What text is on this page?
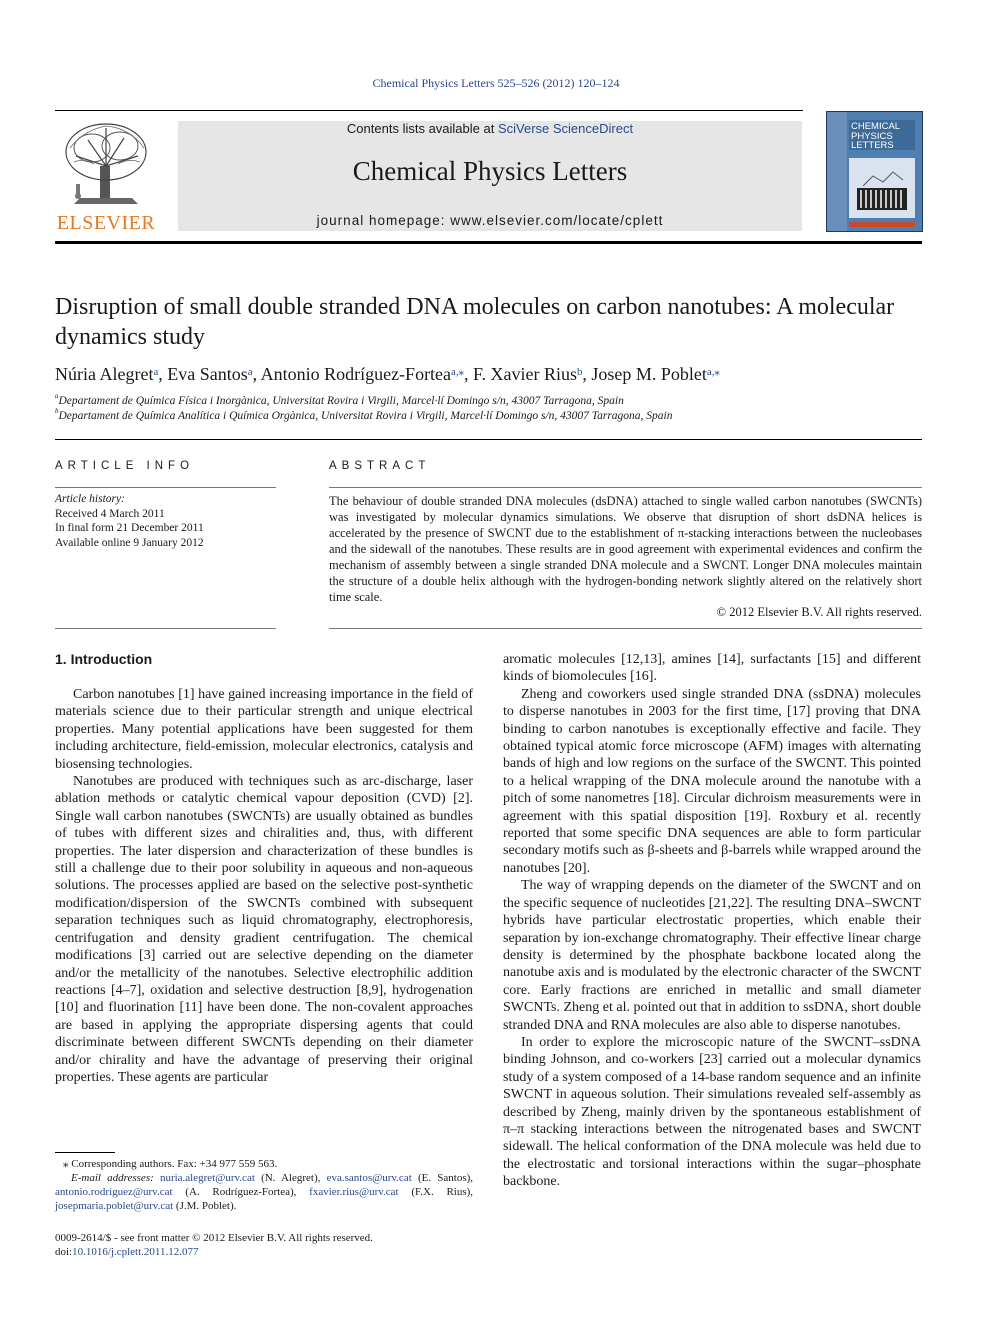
Chemical Physics Letters 525–526 (2012) 120–124
ELSEVIER
Contents lists available at SciVerse ScienceDirect
Chemical Physics Letters
journal homepage: www.elsevier.com/locate/cplett
CHEMICAL PHYSICS LETTERS
Disruption of small double stranded DNA molecules on carbon nanotubes: A molecular dynamics study
Núria Alegret$^a$, Eva Santos$^a$, Antonio Rodríguez-Fortea$^{a,⁎}$, F. Xavier Rius$^b$, Josep M. Poblet$^{a,⁎}$
$^a$Departament de Química Física i Inorgànica, Universitat Rovira i Virgili, Marcel·lí Domingo s/n, 43007 Tarragona, Spain
$^b$Departament de Química Analítica i Química Orgànica, Universitat Rovira i Virgili, Marcel·lí Domingo s/n, 43007 Tarragona, Spain
ARTICLE INFO	ABSTRACT
Article history:
Received 4 March 2011
In final form 21 December 2011
Available online 9 January 2012
The behaviour of double stranded DNA molecules (dsDNA) attached to single walled carbon nanotubes (SWCNTs) was investigated by molecular dynamics simulations. We observe that disruption of short dsDNA helices is accelerated by the presence of SWCNT due to the establishment of π-stacking interactions between the nucleobases and the sidewall of the nanotubes. These results are in good agreement with experimental evidences and confirm the mechanism of assembly between a single stranded DNA molecule and a SWCNT. Longer DNA molecules maintain the structure of a double helix although with the hydrogen-bonding network slightly altered on the relatively short time scale.
© 2012 Elsevier B.V. All rights reserved.
1. Introduction

Carbon nanotubes [1] have gained increasing importance in the field of materials science due to their particular strength and unique electrical properties. Many potential applications have been suggested for them including architecture, field-emission, molecular electronics, catalysis and biosensing technologies.

Nanotubes are produced with techniques such as arc-discharge, laser ablation methods or catalytic chemical vapour deposition (CVD) [2]. Single wall carbon nanotubes (SWCNTs) are usually obtained as bundles of tubes with different sizes and chiralities and, thus, with different properties. The later dispersion and characterization of these bundles is still a challenge due to their poor solubility in aqueous and non-aqueous solutions. The processes applied are based on the selective post-synthetic modification/dispersion of the SWCNTs combined with subsequent separation techniques such as liquid chromatography, electrophoresis, centrifugation and density gradient centrifugation. The chemical modifications [3] carried out are selective depending on the diameter and/or the metallicity of the nanotubes. Selective electrophilic addition reactions [4–7], oxidation and selective destruction [8,9], hydrogenation [10] and fluorination [11] have been done. The non-covalent approaches are based in applying the appropriate dispersing agents that could discriminate between different SWCNTs depending on their diameter and/or chirality and have the advantage of preserving their original properties. These agents are particular

aromatic molecules [12,13], amines [14], surfactants [15] and different kinds of biomolecules [16].

Zheng and coworkers used single stranded DNA (ssDNA) molecules to disperse nanotubes in 2003 for the first time, [17] proving that DNA binding to carbon nanotubes is exceptionally effective and facile. They obtained typical atomic force microscope (AFM) images with alternating bands of high and low regions on the surface of the SWCNT. This pointed to a helical wrapping of the DNA molecule around the nanotube with a pitch of some nanometres [18]. Circular dichroism measurements were in agreement with this spatial disposition [19]. Roxbury et al. recently reported that some specific DNA sequences are able to form particular secondary motifs such as β-sheets and β-barrels while wrapped around the nanotubes [20].

The way of wrapping depends on the diameter of the SWCNT and on the specific sequence of nucleotides [21,22]. The resulting DNA–SWCNT hybrids have particular electrostatic properties, which enable their separation by ion-exchange chromatography. Their effective linear charge density is determined by the phosphate backbone located along the nanotube axis and is modulated by the electronic character of the SWCNT core. Early fractions are enriched in metallic and small diameter SWCNTs. Zheng et al. pointed out that in addition to ssDNA, short double stranded DNA and RNA molecules are also able to disperse nanotubes.

In order to explore the microscopic nature of the SWCNT–ssDNA binding Johnson, and co-workers [23] carried out a molecular dynamics study of a system composed of a 14-base random sequence and an infinite SWCNT in aqueous solution. Their simulations revealed self-assembly as described by Zheng, mainly driven by the spontaneous establishment of π–π stacking interactions between the nitrogenated bases and SWCNT sidewall. The helical conformation of the DNA molecule was held due to the electrostatic and torsional interactions within the sugar–phosphate backbone.

⁎ Corresponding authors. Fax: +34 977 559 563.
E-mail addresses: nuria.alegret@urv.cat (N. Alegret), eva.santos@urv.cat (E. Santos), antonio.rodriguez@urv.cat (A. Rodríguez-Fortea), fxavier.rius@urv.cat (F.X. Rius), josepmaria.poblet@urv.cat (J.M. Poblet).
0009-2614/$ - see front matter © 2012 Elsevier B.V. All rights reserved.
doi:10.1016/j.cplett.2011.12.077
